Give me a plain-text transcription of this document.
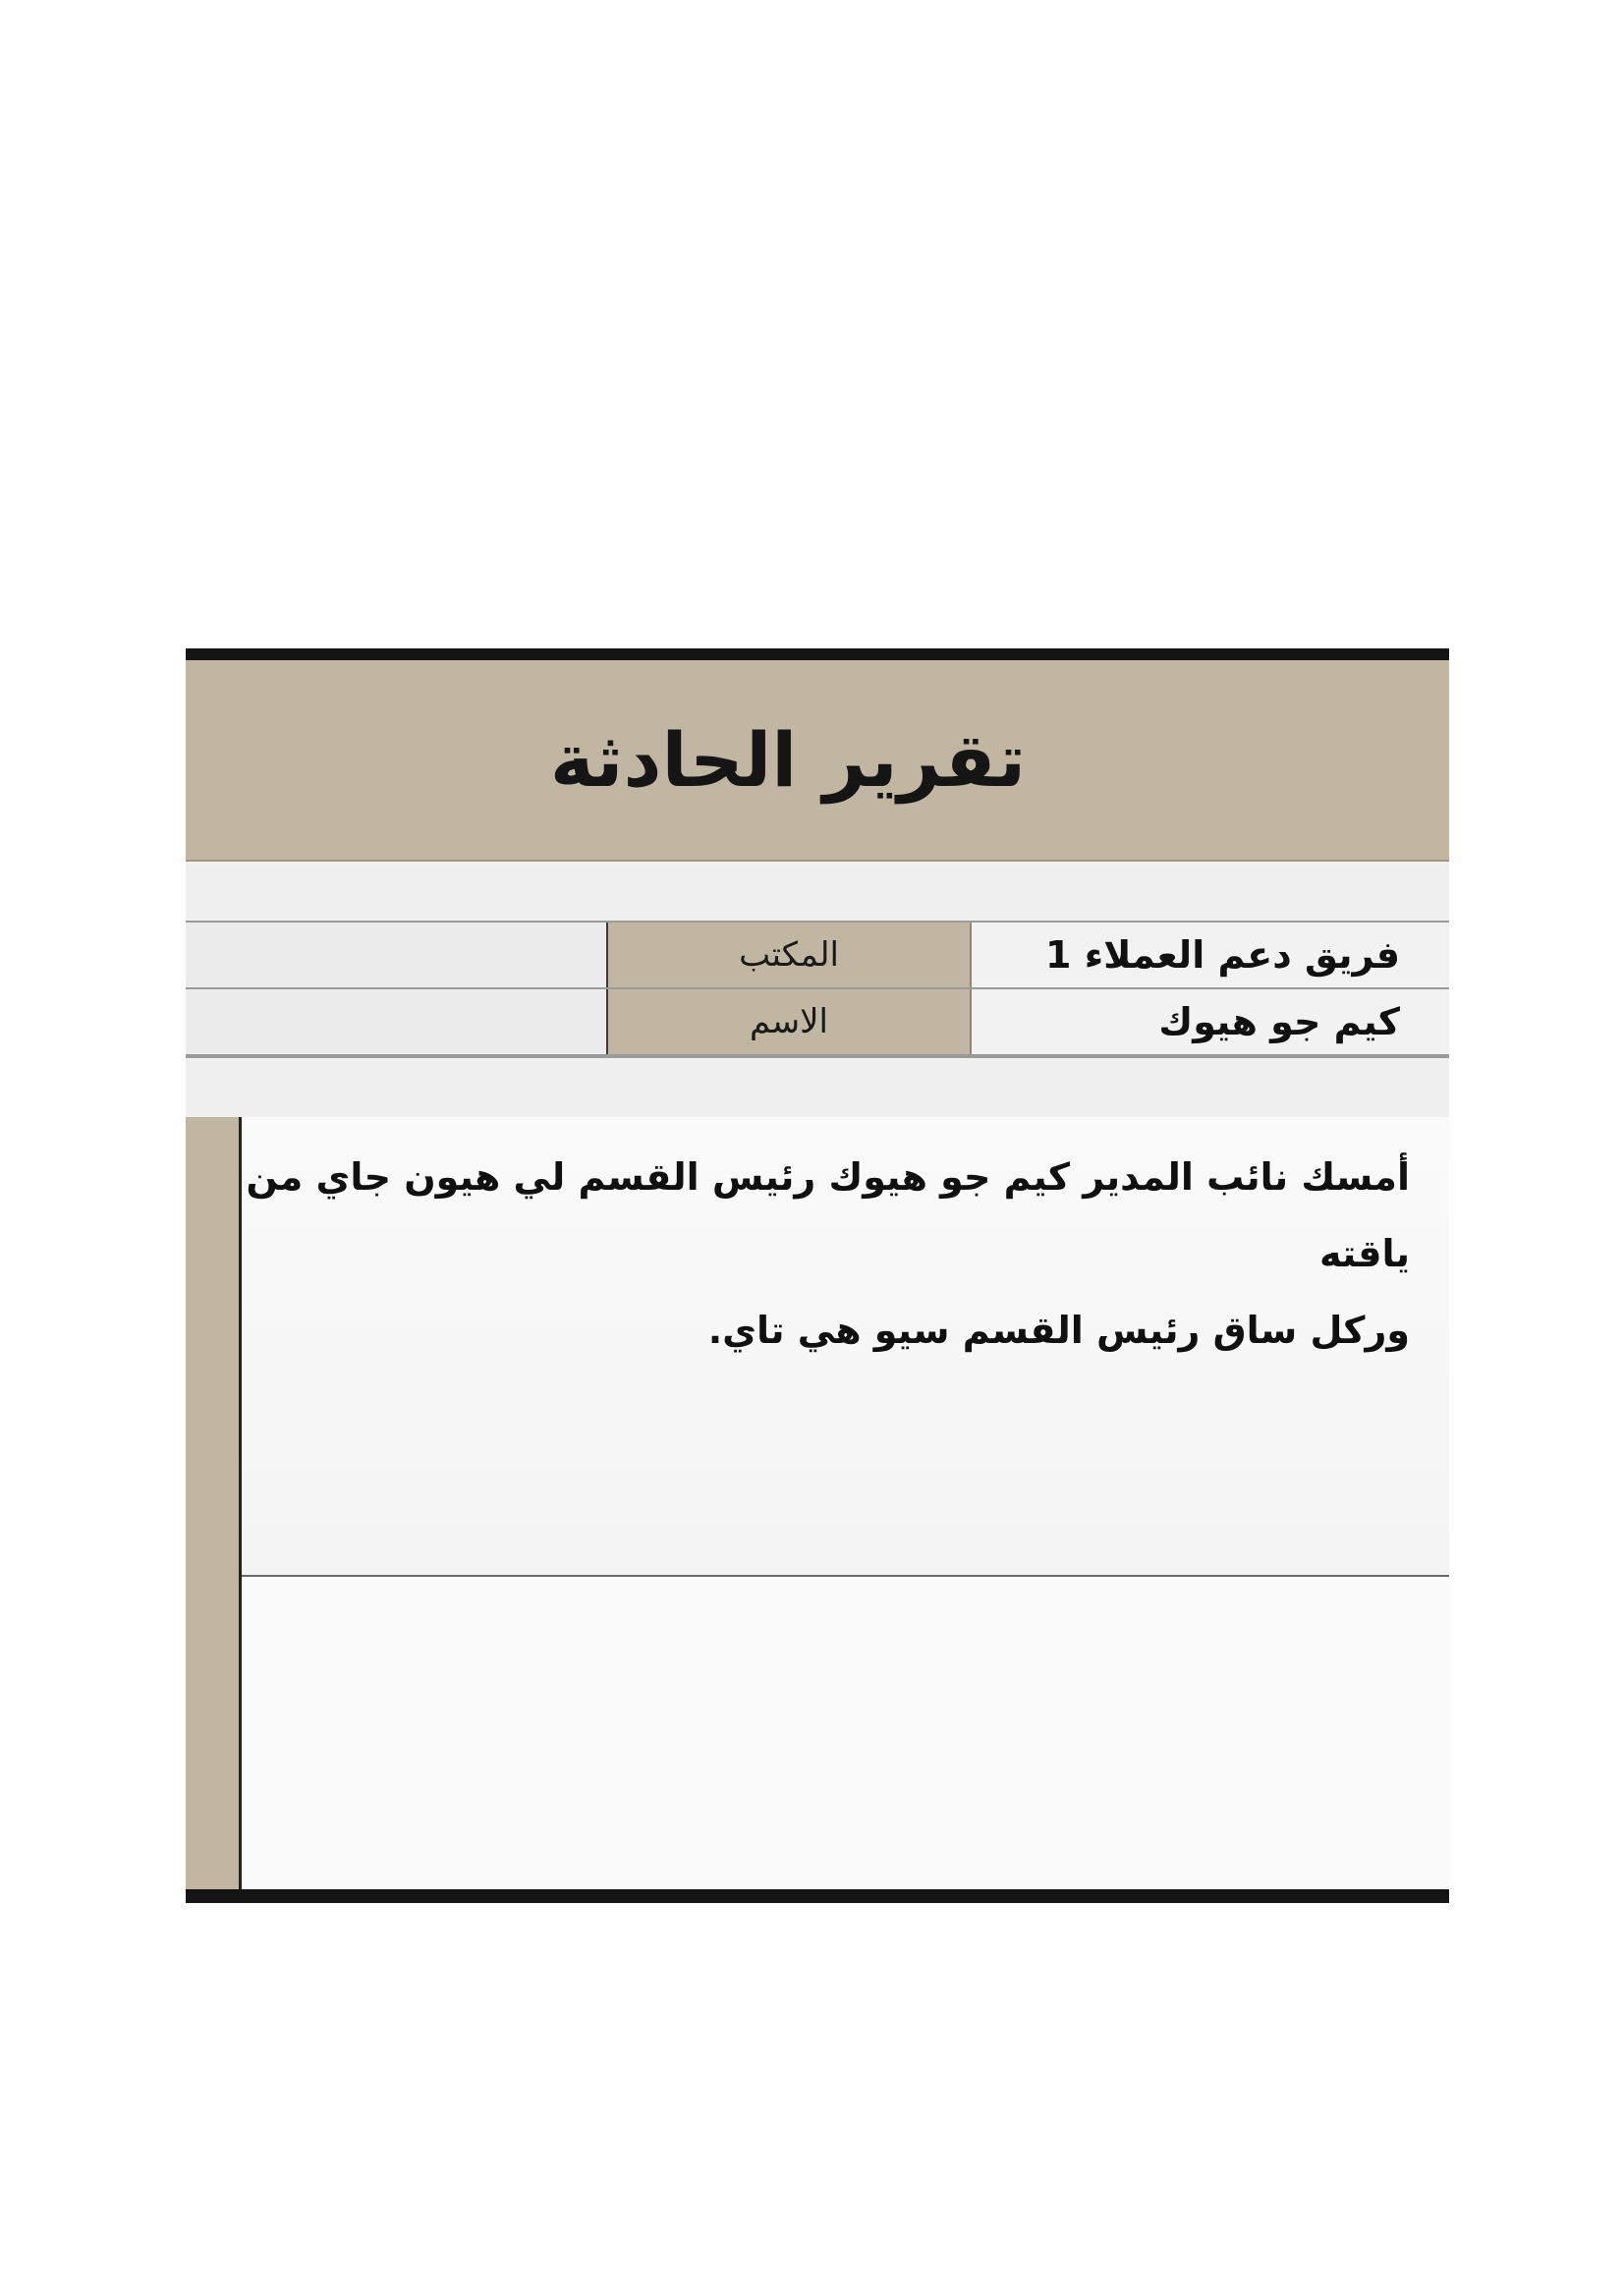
تقرير الحادثة
المكتب	فريق دعم العملاء 1
الاسم	كيم جو هيوك
أمسك نائب المدير كيم جو هيوك رئيس القسم لي هيون جاي من ياقته
وركل ساق رئيس القسم سيو هي تاي.
